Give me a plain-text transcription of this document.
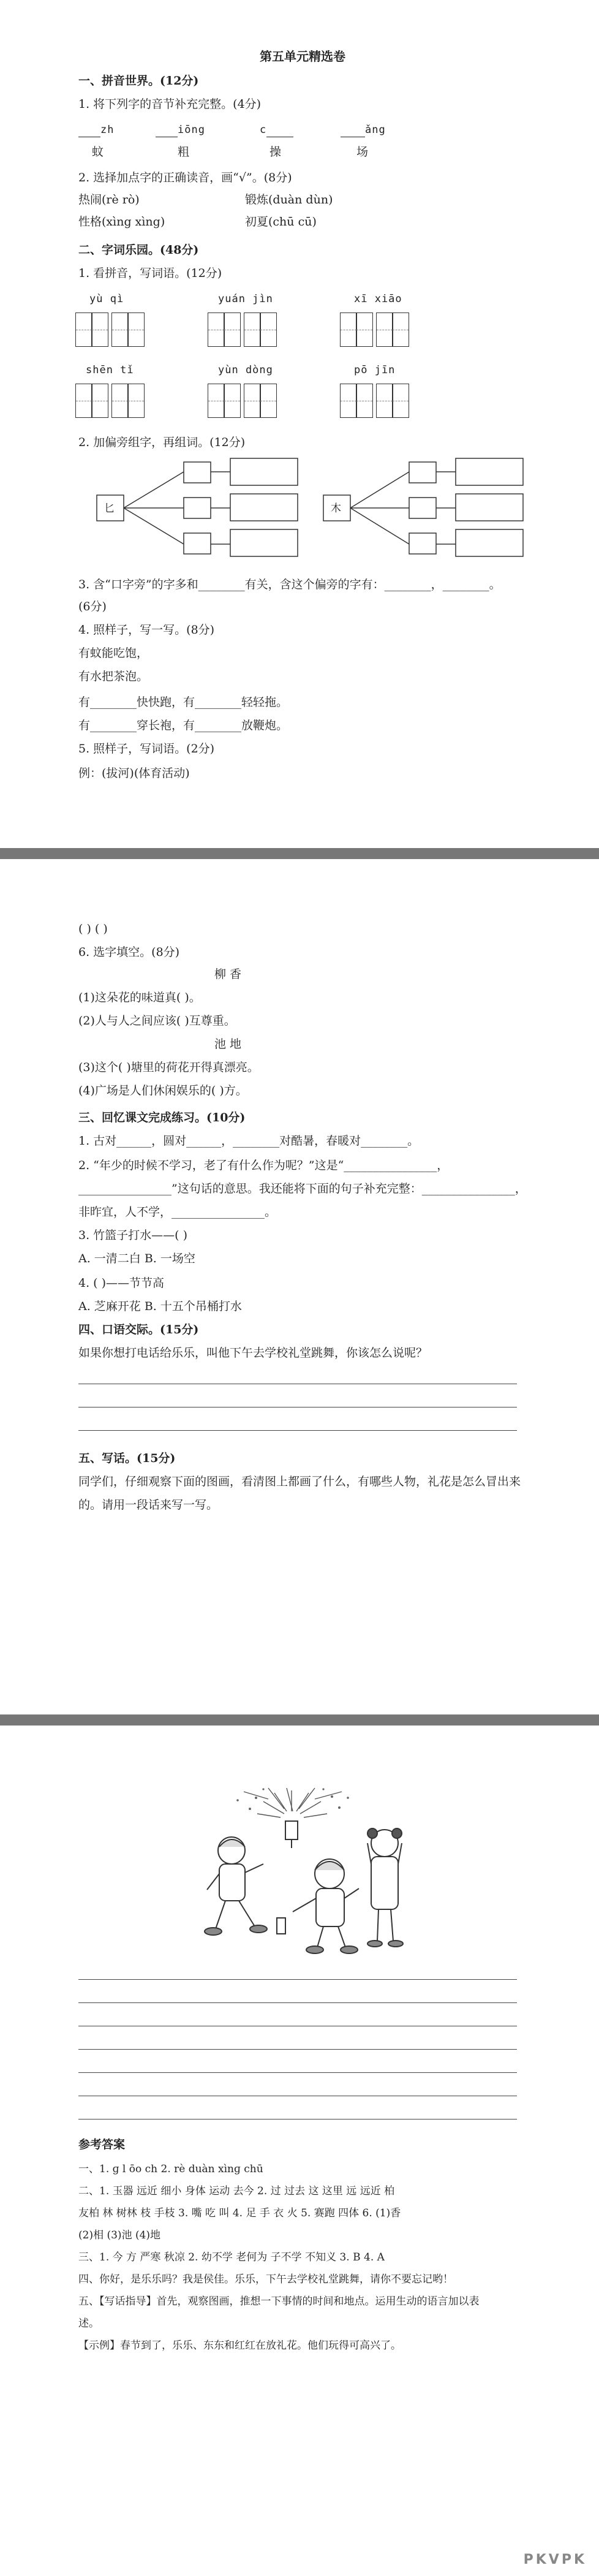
第五单元精选卷
一、拼音世界。(12分)
1. 将下列字的音节补充完整。(4分)
zh	iōng	c	ǎng
蚊	粗	操	场
2. 选择加点字的正确读音，画“√”。(8分)
热闹(rè rò)	锻炼(duàn dùn)
性格(xìng xìng)	初夏(chū cū)
二、字词乐园。(48分)
1. 看拼音，写词语。(12分)
yù qì	yuán jìn	xī xiāo
shēn tǐ	yùn dòng	pō jīn
2. 加偏旁组字，再组词。(12分)
匕	木
3. 含“口字旁”的字多和________有关，含这个偏旁的字有：________，________。
(6分)
4. 照样子，写一写。(8分)
有蚊能吃饱，
有水把茶泡。
有________快快跑，有________轻轻拖。
有________穿长袍，有________放鞭炮。
5. 照样子，写词语。(2分)
例：(拔河)(体育活动)
( ) ( )
6. 选字填空。(8分)
柳 香
(1)这朵花的味道真( )。
(2)人与人之间应该( )互尊重。
池 地
(3)这个( )塘里的荷花开得真漂亮。
(4)广场是人们休闲娱乐的( )方。
三、回忆课文完成练习。(10分)
1. 古对______，圆对______，________对酷暑，春暖对________。
2. “年少的时候不学习，老了有什么作为呢？”这是“________________，
________________”这句话的意思。我还能将下面的句子补充完整：________________，
非昨宜，人不学，________________。
3. 竹篮子打水——( )
A. 一清二白 B. 一场空
4. ( )——节节高
A. 芝麻开花 B. 十五个吊桶打水
四、口语交际。(15分)
如果你想打电话给乐乐，叫他下午去学校礼堂跳舞，你该怎么说呢？
五、写话。(15分)
同学们，仔细观察下面的图画，看清图上都画了什么，有哪些人物，礼花是怎么冒出来
的。请用一段话来写一写。
参考答案
一、1. ɡ l ōo ch 2. rè duàn xìnɡ chū
二、1. 玉器 远近 细小 身体 运动 去今 2. 过 过去 这 这里 远 远近 柏
友柏 林 树林 枝 手枝 3. 嘴 吃 叫 4. 足 手 衣 火 5. 赛跑 四体 6. (1)香
(2)相 (3)池 (4)地
三、1. 今 方 严寒 秋凉 2. 幼不学 老何为 子不学 不知义 3. B 4. A
四、你好，是乐乐吗？我是侯佳。乐乐，下午去学校礼堂跳舞，请你不要忘记哟！
五、【写话指导】首先，观察图画，推想一下事情的时间和地点。运用生动的语言加以表
述。
【示例】春节到了，乐乐、东东和红红在放礼花。他们玩得可高兴了。
PKVPK
